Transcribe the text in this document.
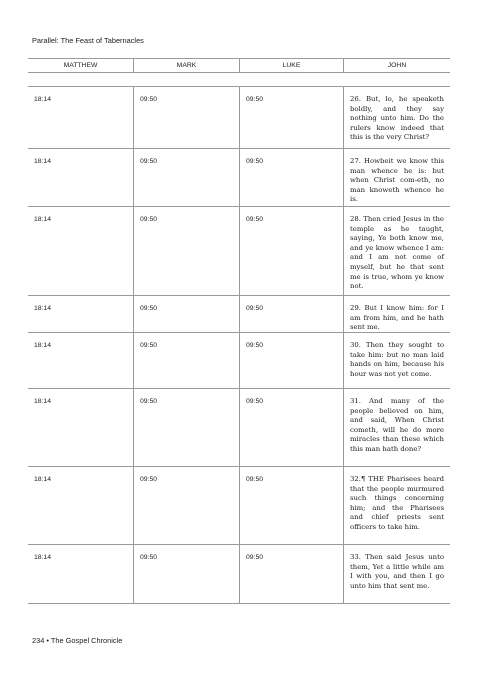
Parallel: The Feast of Tabernacles
MATTHEW	MARK	LUKE	JOHN
18:14	09:50	09:50	26. But, lo, he speaketh boldly, and they say nothing unto him. Do the rulers know indeed that this is the very Christ?
18:14	09:50	09:50	27. Howbeit we know this man whence he is: but when Christ com-eth, no man knoweth whence he is.
18:14	09:50	09:50	28. Then cried Jesus in the temple as he taught, saying, Ye both know me, and ye know whence I am: and I am not come of myself, but he that sent me is true, whom ye know not.
18:14	09:50	09:50	29. But I know him: for I am from him, and he hath sent me.
18:14	09:50	09:50	30. Then they sought to take him: but no man laid hands on him, because his hour was not yet come.
18:14	09:50	09:50	31. And many of the people believed on him, and said, When Christ cometh, will he do more miracles than these which this man hath done?
18:14	09:50	09:50	32.¶ THE Pharisees heard that the people murmured such things concerning him; and the Pharisees and chief priests sent officers to take him.
18:14	09:50	09:50	33. Then said Jesus unto them, Yet a little while am I with you, and then I go unto him that sent me.
234 • The Gospel Chronicle
